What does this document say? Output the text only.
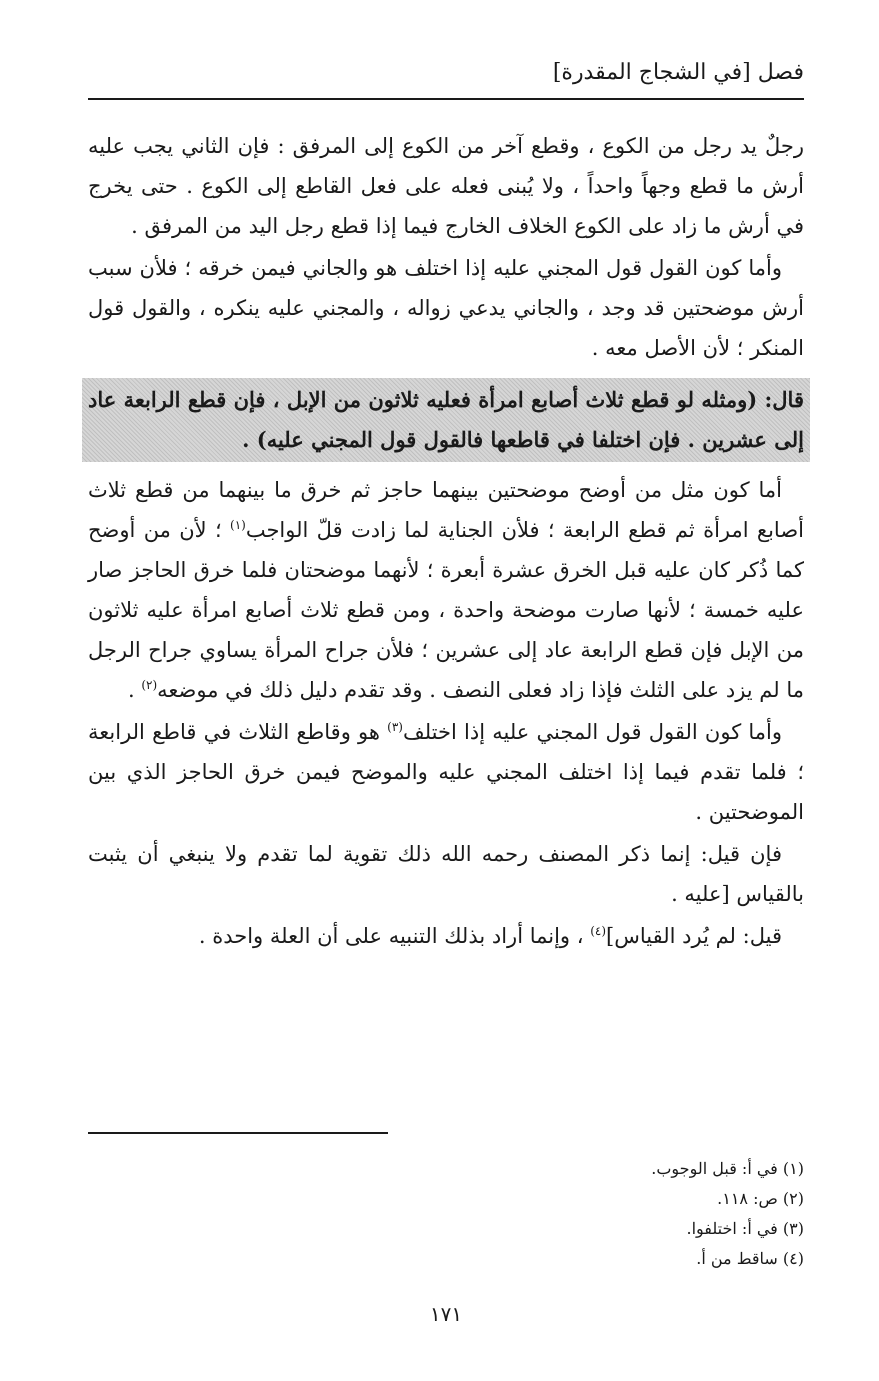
فصل [في الشجاج المقدرة]

رجلٌ يد رجل من الكوع ، وقطع آخر من الكوع إلى المرفق : فإن الثاني يجب عليه أرش ما قطع وجهاً واحداً ، ولا يُبنى فعله على فعل القاطع إلى الكوع . حتى يخرج في أرش ما زاد على الكوع الخلاف الخارج فيما إذا قطع رجل اليد من المرفق .

وأما كون القول قول المجني عليه إذا اختلف هو والجاني فيمن خرقه ؛ فلأن سبب أرش موضحتين قد وجد ، والجاني يدعي زواله ، والمجني عليه ينكره ، والقول قول المنكر ؛ لأن الأصل معه .

قال: (ومثله لو قطع ثلاث أصابع امرأة فعليه ثلاثون من الإبل ، فإن قطع الرابعة عاد إلى عشرين . فإن اختلفا في قاطعها فالقول قول المجني عليه) .

أما كون مثل من أوضح موضحتين بينهما حاجز ثم خرق ما بينهما من قطع ثلاث أصابع امرأة ثم قطع الرابعة ؛ فلأن الجناية لما زادت قلّ الواجب$^{(١)}$ ؛ لأن من أوضح كما ذُكر كان عليه قبل الخرق عشرة أبعرة ؛ لأنهما موضحتان فلما خرق الحاجز صار عليه خمسة ؛ لأنها صارت موضحة واحدة ، ومن قطع ثلاث أصابع امرأة عليه ثلاثون من الإبل فإن قطع الرابعة عاد إلى عشرين ؛ فلأن جراح المرأة يساوي جراح الرجل ما لم يزد على الثلث فإذا زاد فعلى النصف . وقد تقدم دليل ذلك في موضعه$^{(٢)}$ .

وأما كون القول قول المجني عليه إذا اختلف$^{(٣)}$ هو وقاطع الثلاث في قاطع الرابعة ؛ فلما تقدم فيما إذا اختلف المجني عليه والموضح فيمن خرق الحاجز الذي بين الموضحتين .

فإن قيل: إنما ذكر المصنف رحمه الله ذلك تقوية لما تقدم ولا ينبغي أن يثبت بالقياس [عليه .

قيل: لم يُرد القياس]$^{(٤)}$ ، وإنما أراد بذلك التنبيه على أن العلة واحدة .

(١) في أ: قبل الوجوب.
(٢) ص: ١١٨.
(٣) في أ: اختلفوا.
(٤) ساقط من أ.
١٧١
